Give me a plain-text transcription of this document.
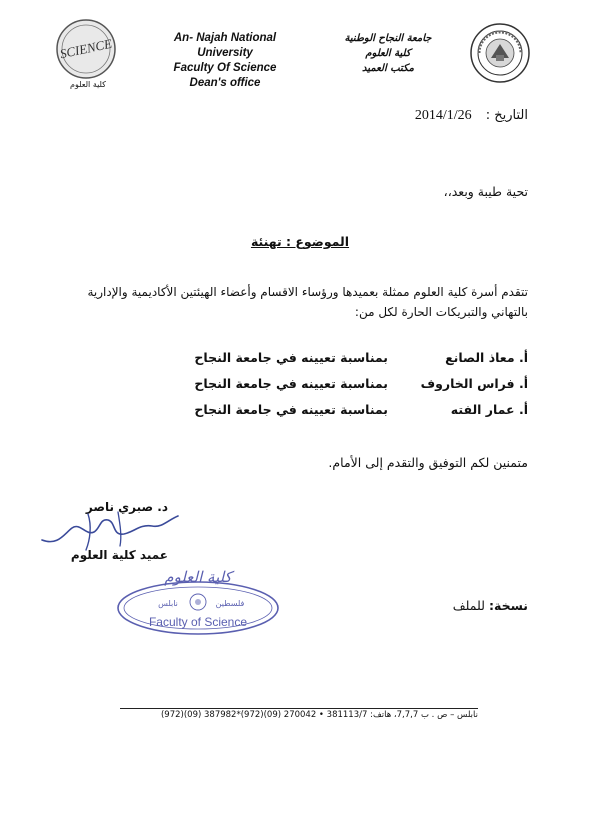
SCIENCE
كلية العلوم
An- Najah National University
Faculty Of Science
Dean's office
جامعة النجاح الوطنية
كلية العلوم
مكتب العميد
التاريخ : 2014/1/26
تحية طيبة وبعد،،
الموضوع : تهنئة
تتقدم أسرة كلية العلوم ممثلة بعميدها ورؤساء الاقسام وأعضاء الهيئتين الأكاديمية والإدارية بالتهاني والتبريكات الحارة لكل من:
أ. معاذ الصانع
بمناسبة تعيينه في جامعة النجاح
أ. فراس الخاروف
بمناسبة تعيينه في جامعة النجاح
أ. عمار الفته
بمناسبة تعيينه في جامعة النجاح
متمنين لكم التوفيق والتقدم إلى الأمام.
د. صبري ناصر
عميد كلية العلوم
كلية العلوم
نابلس	فلسطين
Faculty of Science
نسخة: للملف
نابلس – ص . ب 7,7,7، هاتف: 381113/7 • 270042 (09)(972)*387982 (09)(972)
